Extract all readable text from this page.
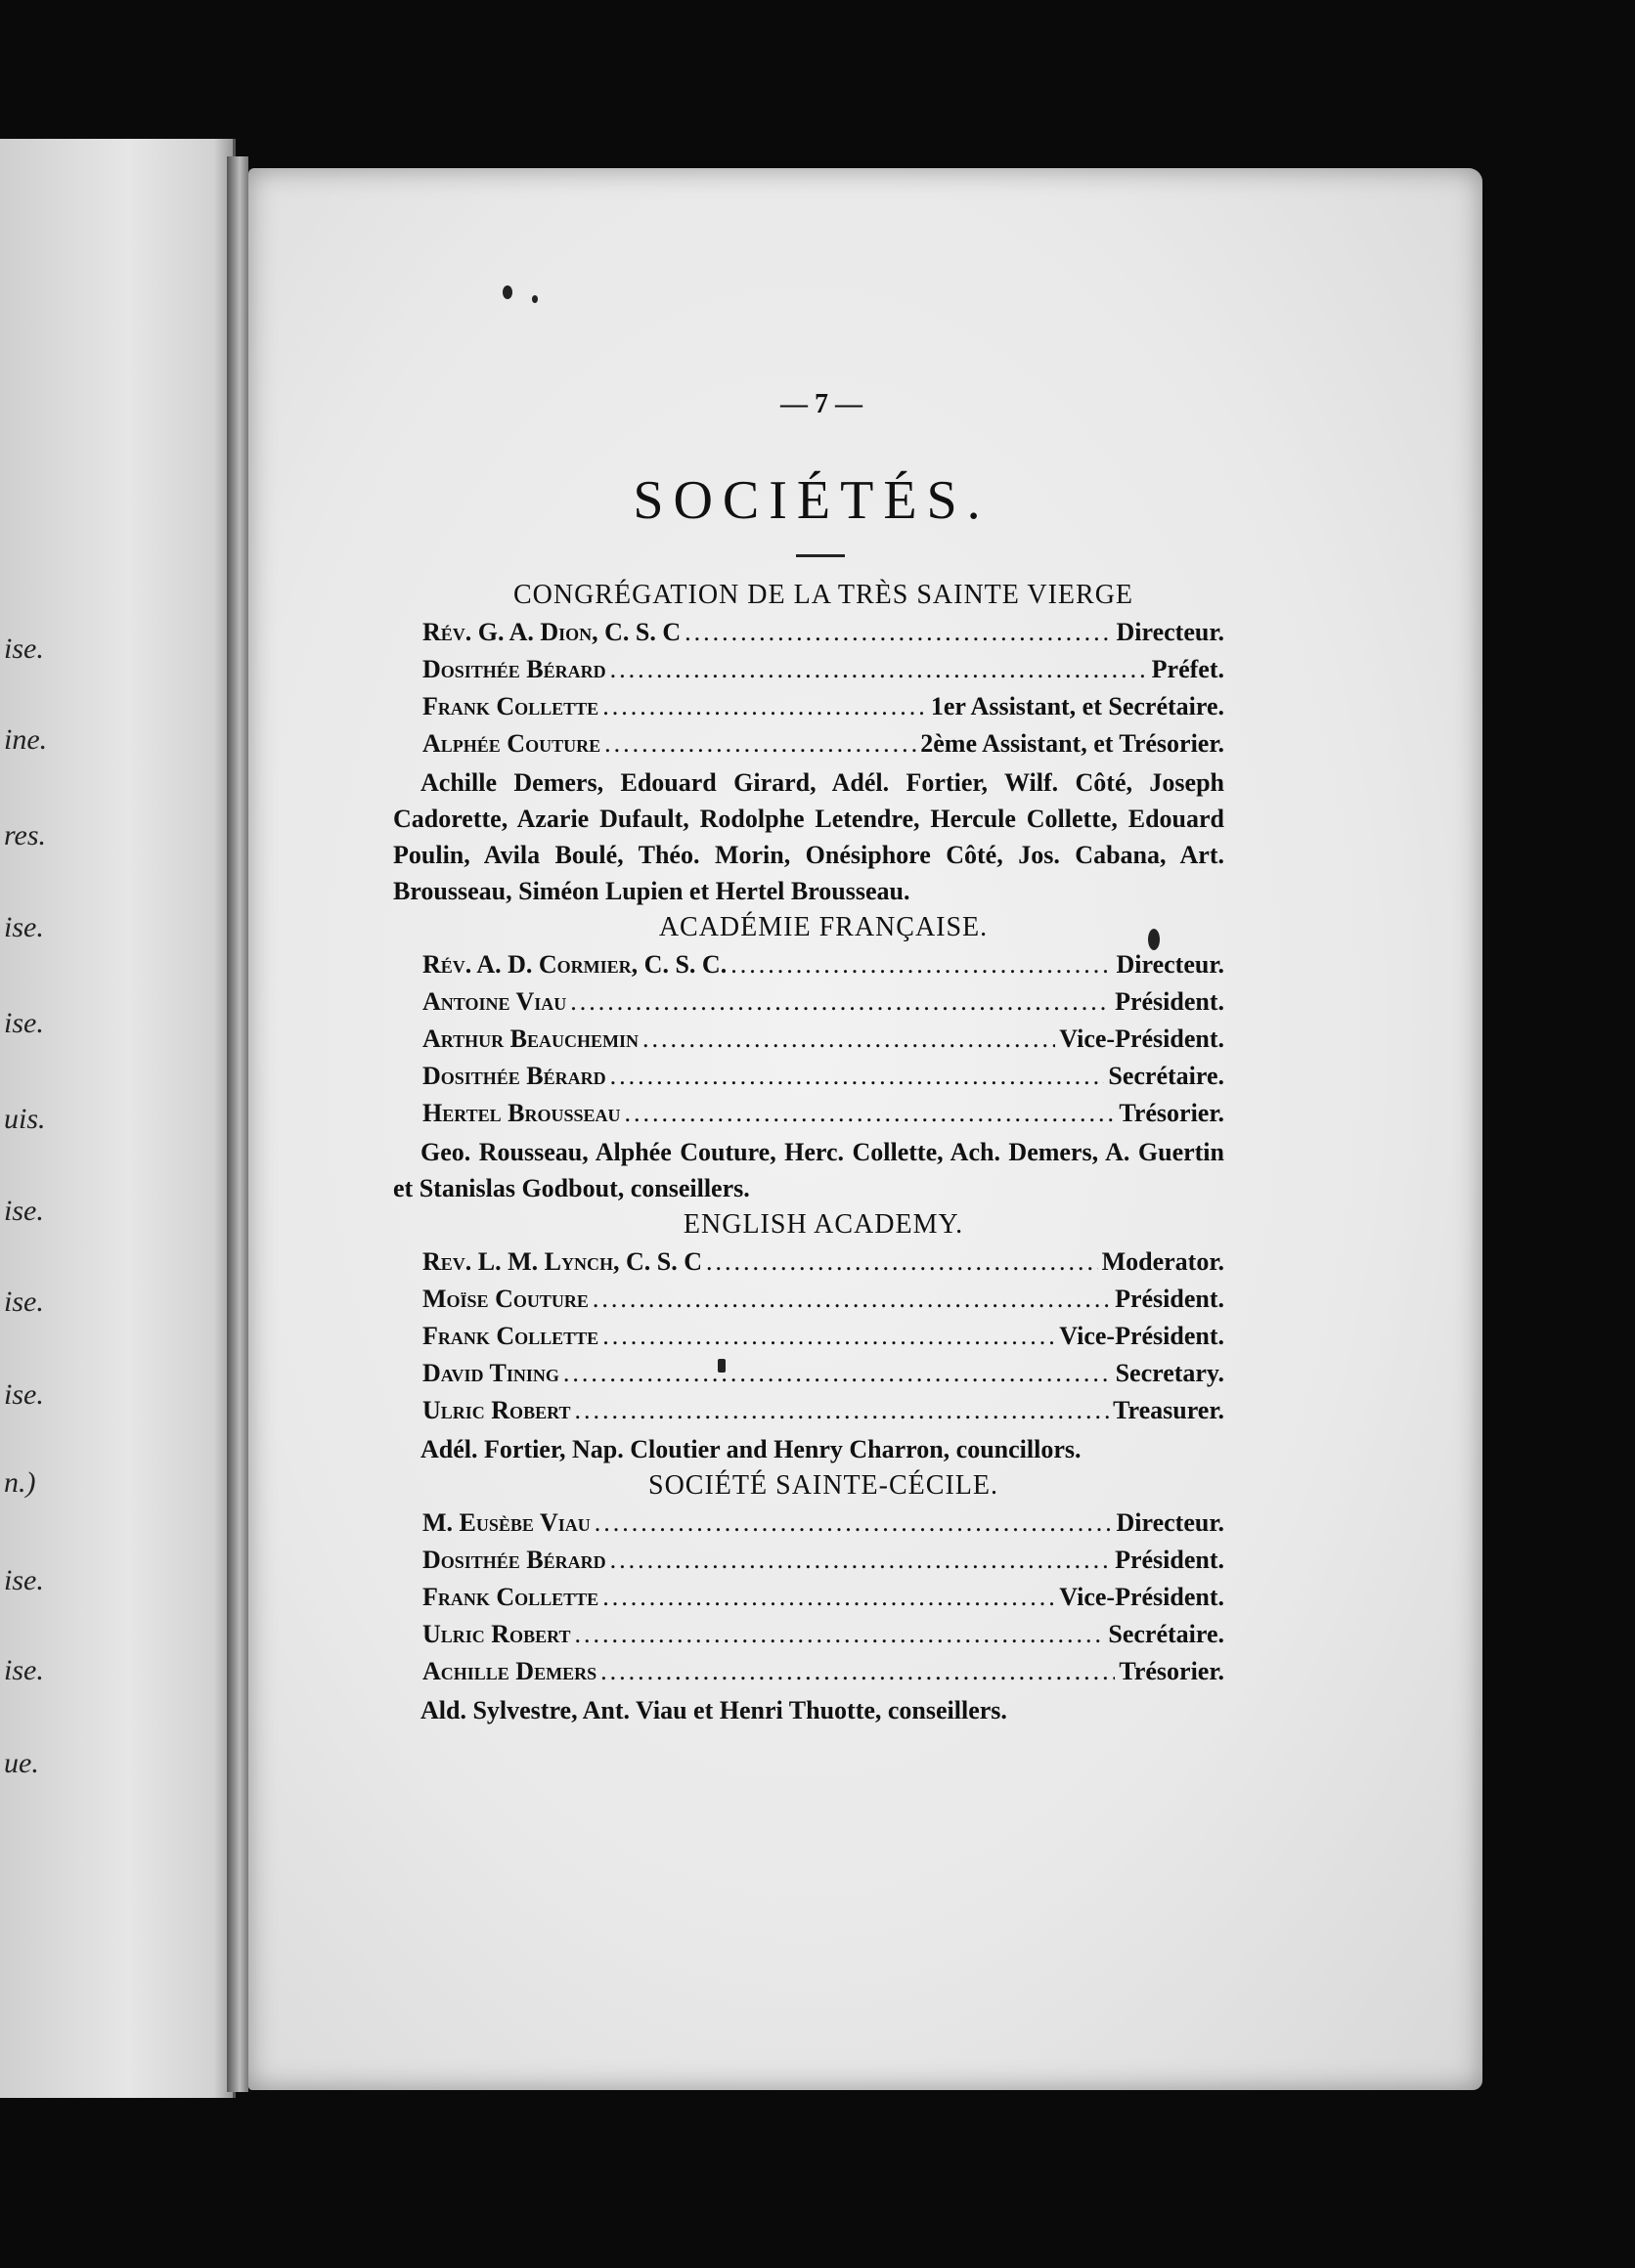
ise.
ine.
res.
ise.
ise.
uis.
ise.
ise.
ise.
n.)
ise.
ise.
ue.
— 7 —
SOCIÉTÉS.
CONGRÉGATION DE LA TRÈS SAINTE VIERGE
Rév. G. A. Dion, C. S. C .....	Directeur.
Dosithée Bérard .....	Préfet.
Frank Collette .....	1er Assistant, et Secrétaire.
Alphée Couture .....	2ème Assistant, et Trésorier.
Achille Demers, Edouard Girard, Adél. Fortier, Wilf. Côté, Joseph Cadorette, Azarie Dufault, Rodolphe Letendre, Hercule Collette, Edouard Poulin, Avila Boulé, Théo. Morin, Onésiphore Côté, Jos. Cabana, Art. Brousseau, Siméon Lupien et Hertel Brousseau.
ACADÉMIE FRANÇAISE.
Rév. A. D. Cormier, C. S. C. .....	Directeur.
Antoine Viau .....	Président.
Arthur Beauchemin .....	Vice-Président.
Dosithée Bérard .....	Secrétaire.
Hertel Brousseau .....	Trésorier.
Geo. Rousseau, Alphée Couture, Herc. Collette, Ach. Demers, A. Guertin et Stanislas Godbout, conseillers.
ENGLISH ACADEMY.
Rev. L. M. Lynch, C. S. C .....	Moderator.
Moïse Couture .....	Président.
Frank Collette .....	Vice-Président.
David Tining .....	Secretary.
Ulric Robert .....	Treasurer.
Adél. Fortier, Nap. Cloutier and Henry Charron, councillors.
SOCIÉTÉ SAINTE-CÉCILE.
M. Eusèbe Viau .....	Directeur.
Dosithée Bérard .....	Président.
Frank Collette .....	Vice-Président.
Ulric Robert .....	Secrétaire.
Achille Demers .....	Trésorier.
Ald. Sylvestre, Ant. Viau et Henri Thuotte, conseillers.
